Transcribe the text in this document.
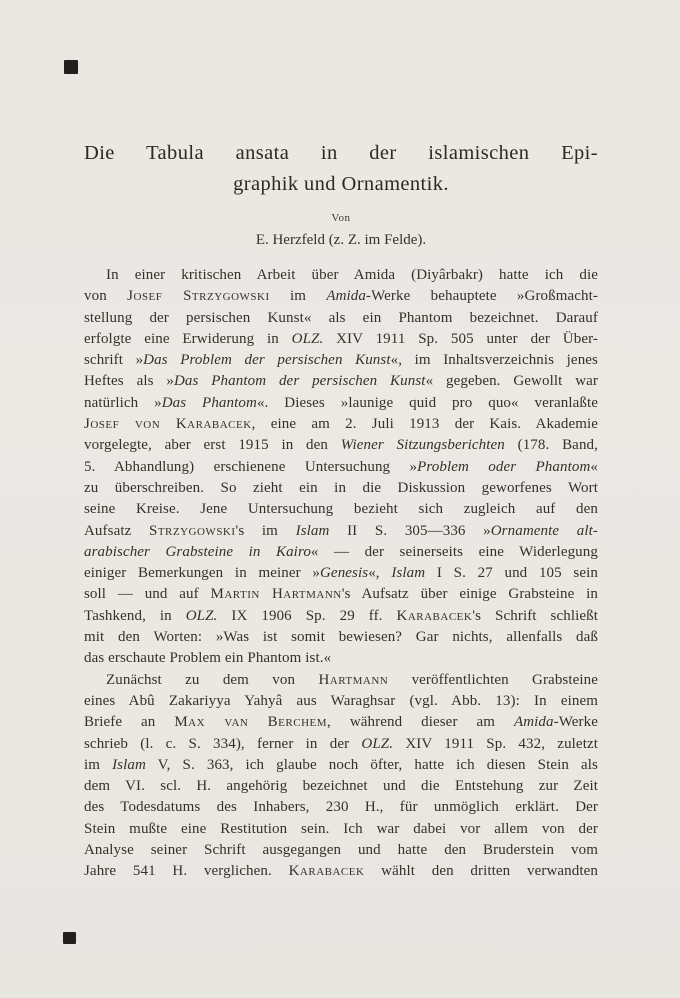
Die Tabula ansata in der islamischen Epi-
graphik und Ornamentik.
Von
E. Herzfeld (z. Z. im Felde).
In einer kritischen Arbeit über Amida (Diyârbakr) hatte ich die
von Josef Strzygowski im Amida-Werke behauptete »Großmacht-
stellung der persischen Kunst« als ein Phantom bezeichnet. Darauf
erfolgte eine Erwiderung in OLZ. XIV 1911 Sp. 505 unter der Über-
schrift »Das Problem der persischen Kunst«, im Inhaltsverzeichnis jenes
Heftes als »Das Phantom der persischen Kunst« gegeben. Gewollt war
natürlich »Das Phantom«. Dieses »launige quid pro quo« veranlaßte
Josef von Karabacek, eine am 2. Juli 1913 der Kais. Akademie
vorgelegte, aber erst 1915 in den Wiener Sitzungsberichten (178. Band,
5. Abhandlung) erschienene Untersuchung »Problem oder Phantom«
zu überschreiben. So zieht ein in die Diskussion geworfenes Wort
seine Kreise. Jene Untersuchung bezieht sich zugleich auf den
Aufsatz Strzygowski's im Islam II S. 305—336 »Ornamente alt-
arabischer Grabsteine in Kairo« — der seinerseits eine Widerlegung
einiger Bemerkungen in meiner »Genesis«, Islam I S. 27 und 105 sein
soll — und auf Martin Hartmann's Aufsatz über einige Grabsteine in
Tashkend, in OLZ. IX 1906 Sp. 29 ff. Karabacek's Schrift schließt
mit den Worten: »Was ist somit bewiesen? Gar nichts, allenfalls daß
das erschaute Problem ein Phantom ist.«
Zunächst zu dem von Hartmann veröffentlichten Grabsteine
eines Abû Zakariyya Yahyâ aus Waraghsar (vgl. Abb. 13): In einem
Briefe an Max van Berchem, während dieser am Amida-Werke
schrieb (l. c. S. 334), ferner in der OLZ. XIV 1911 Sp. 432, zuletzt
im Islam V, S. 363, ich glaube noch öfter, hatte ich diesen Stein als
dem VI. scl. H. angehörig bezeichnet und die Entstehung zur Zeit
des Todesdatums des Inhabers, 230 H., für unmöglich erklärt. Der
Stein mußte eine Restitution sein. Ich war dabei vor allem von der
Analyse seiner Schrift ausgegangen und hatte den Bruderstein vom
Jahre 541 H. verglichen. Karabacek wählt den dritten verwandten
